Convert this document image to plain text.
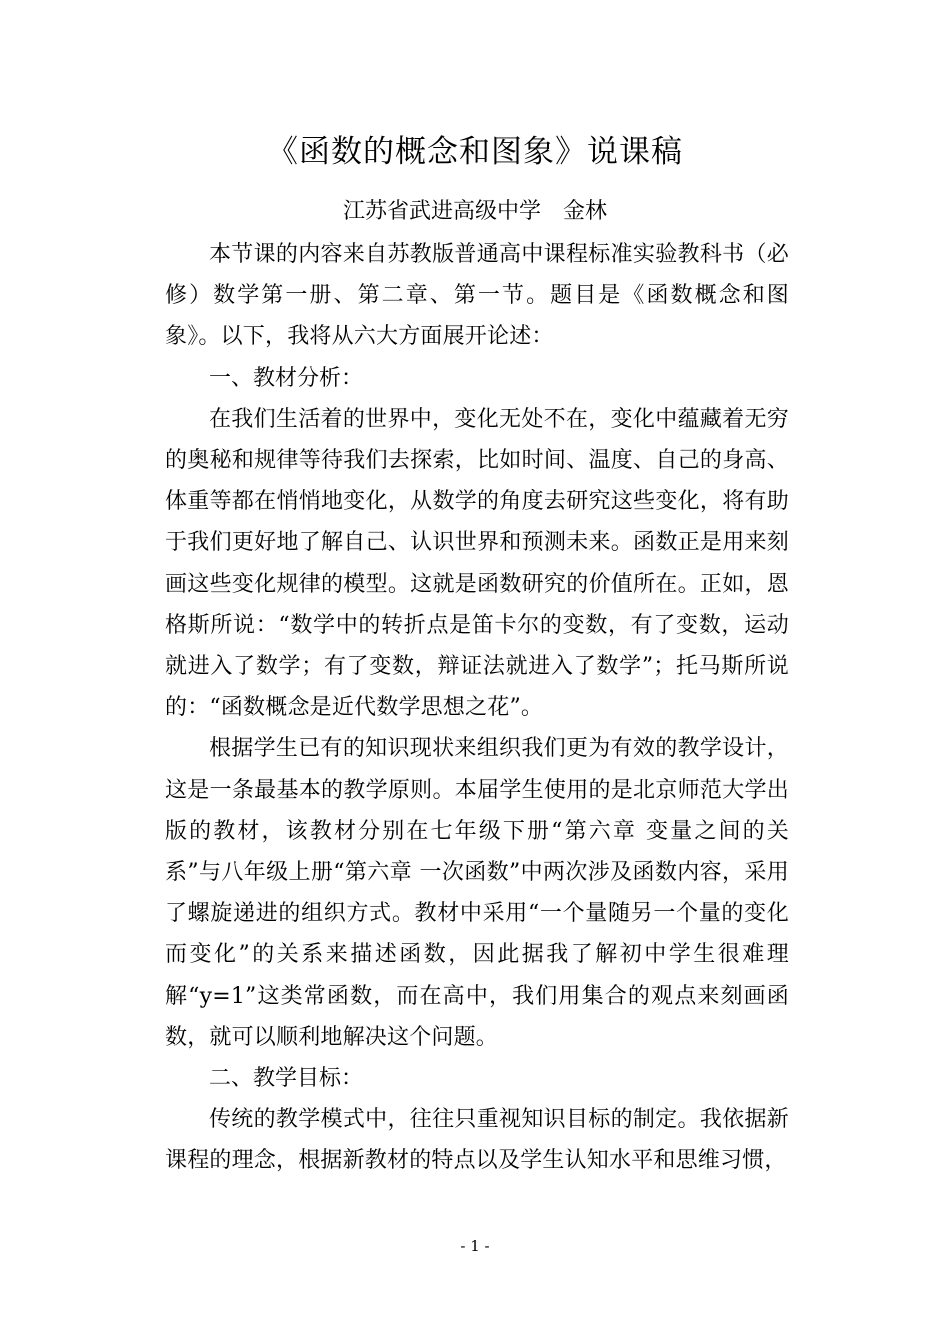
《函数的概念和图象》说课稿

江苏省武进高级中学　金林

本节课的内容来自苏教版普通高中课程标准实验教科书（必修）数学第一册、第二章、第一节。题目是《函数概念和图象》。以下，我将从六大方面展开论述：

一、教材分析：

在我们生活着的世界中，变化无处不在，变化中蕴藏着无穷的奥秘和规律等待我们去探索，比如时间、温度、自己的身高、体重等都在悄悄地变化，从数学的角度去研究这些变化，将有助于我们更好地了解自己、认识世界和预测未来。函数正是用来刻画这些变化规律的模型。这就是函数研究的价值所在。正如，恩格斯所说：“数学中的转折点是笛卡尔的变数，有了变数，运动就进入了数学；有了变数，辩证法就进入了数学”；托马斯所说的：“函数概念是近代数学思想之花”。

根据学生已有的知识现状来组织我们更为有效的教学设计，这是一条最基本的教学原则。本届学生使用的是北京师范大学出版的教材，该教材分别在七年级下册“第六章 变量之间的关系”与八年级上册“第六章 一次函数”中两次涉及函数内容，采用了螺旋递进的组织方式。教材中采用“一个量随另一个量的变化而变化”的关系来描述函数，因此据我了解初中学生很难理解“y=1”这类常函数，而在高中，我们用集合的观点来刻画函数，就可以顺利地解决这个问题。

二、教学目标：

传统的教学模式中，往往只重视知识目标的制定。我依据新课程的理念，根据新教材的特点以及学生认知水平和思维习惯，

- 1 -
